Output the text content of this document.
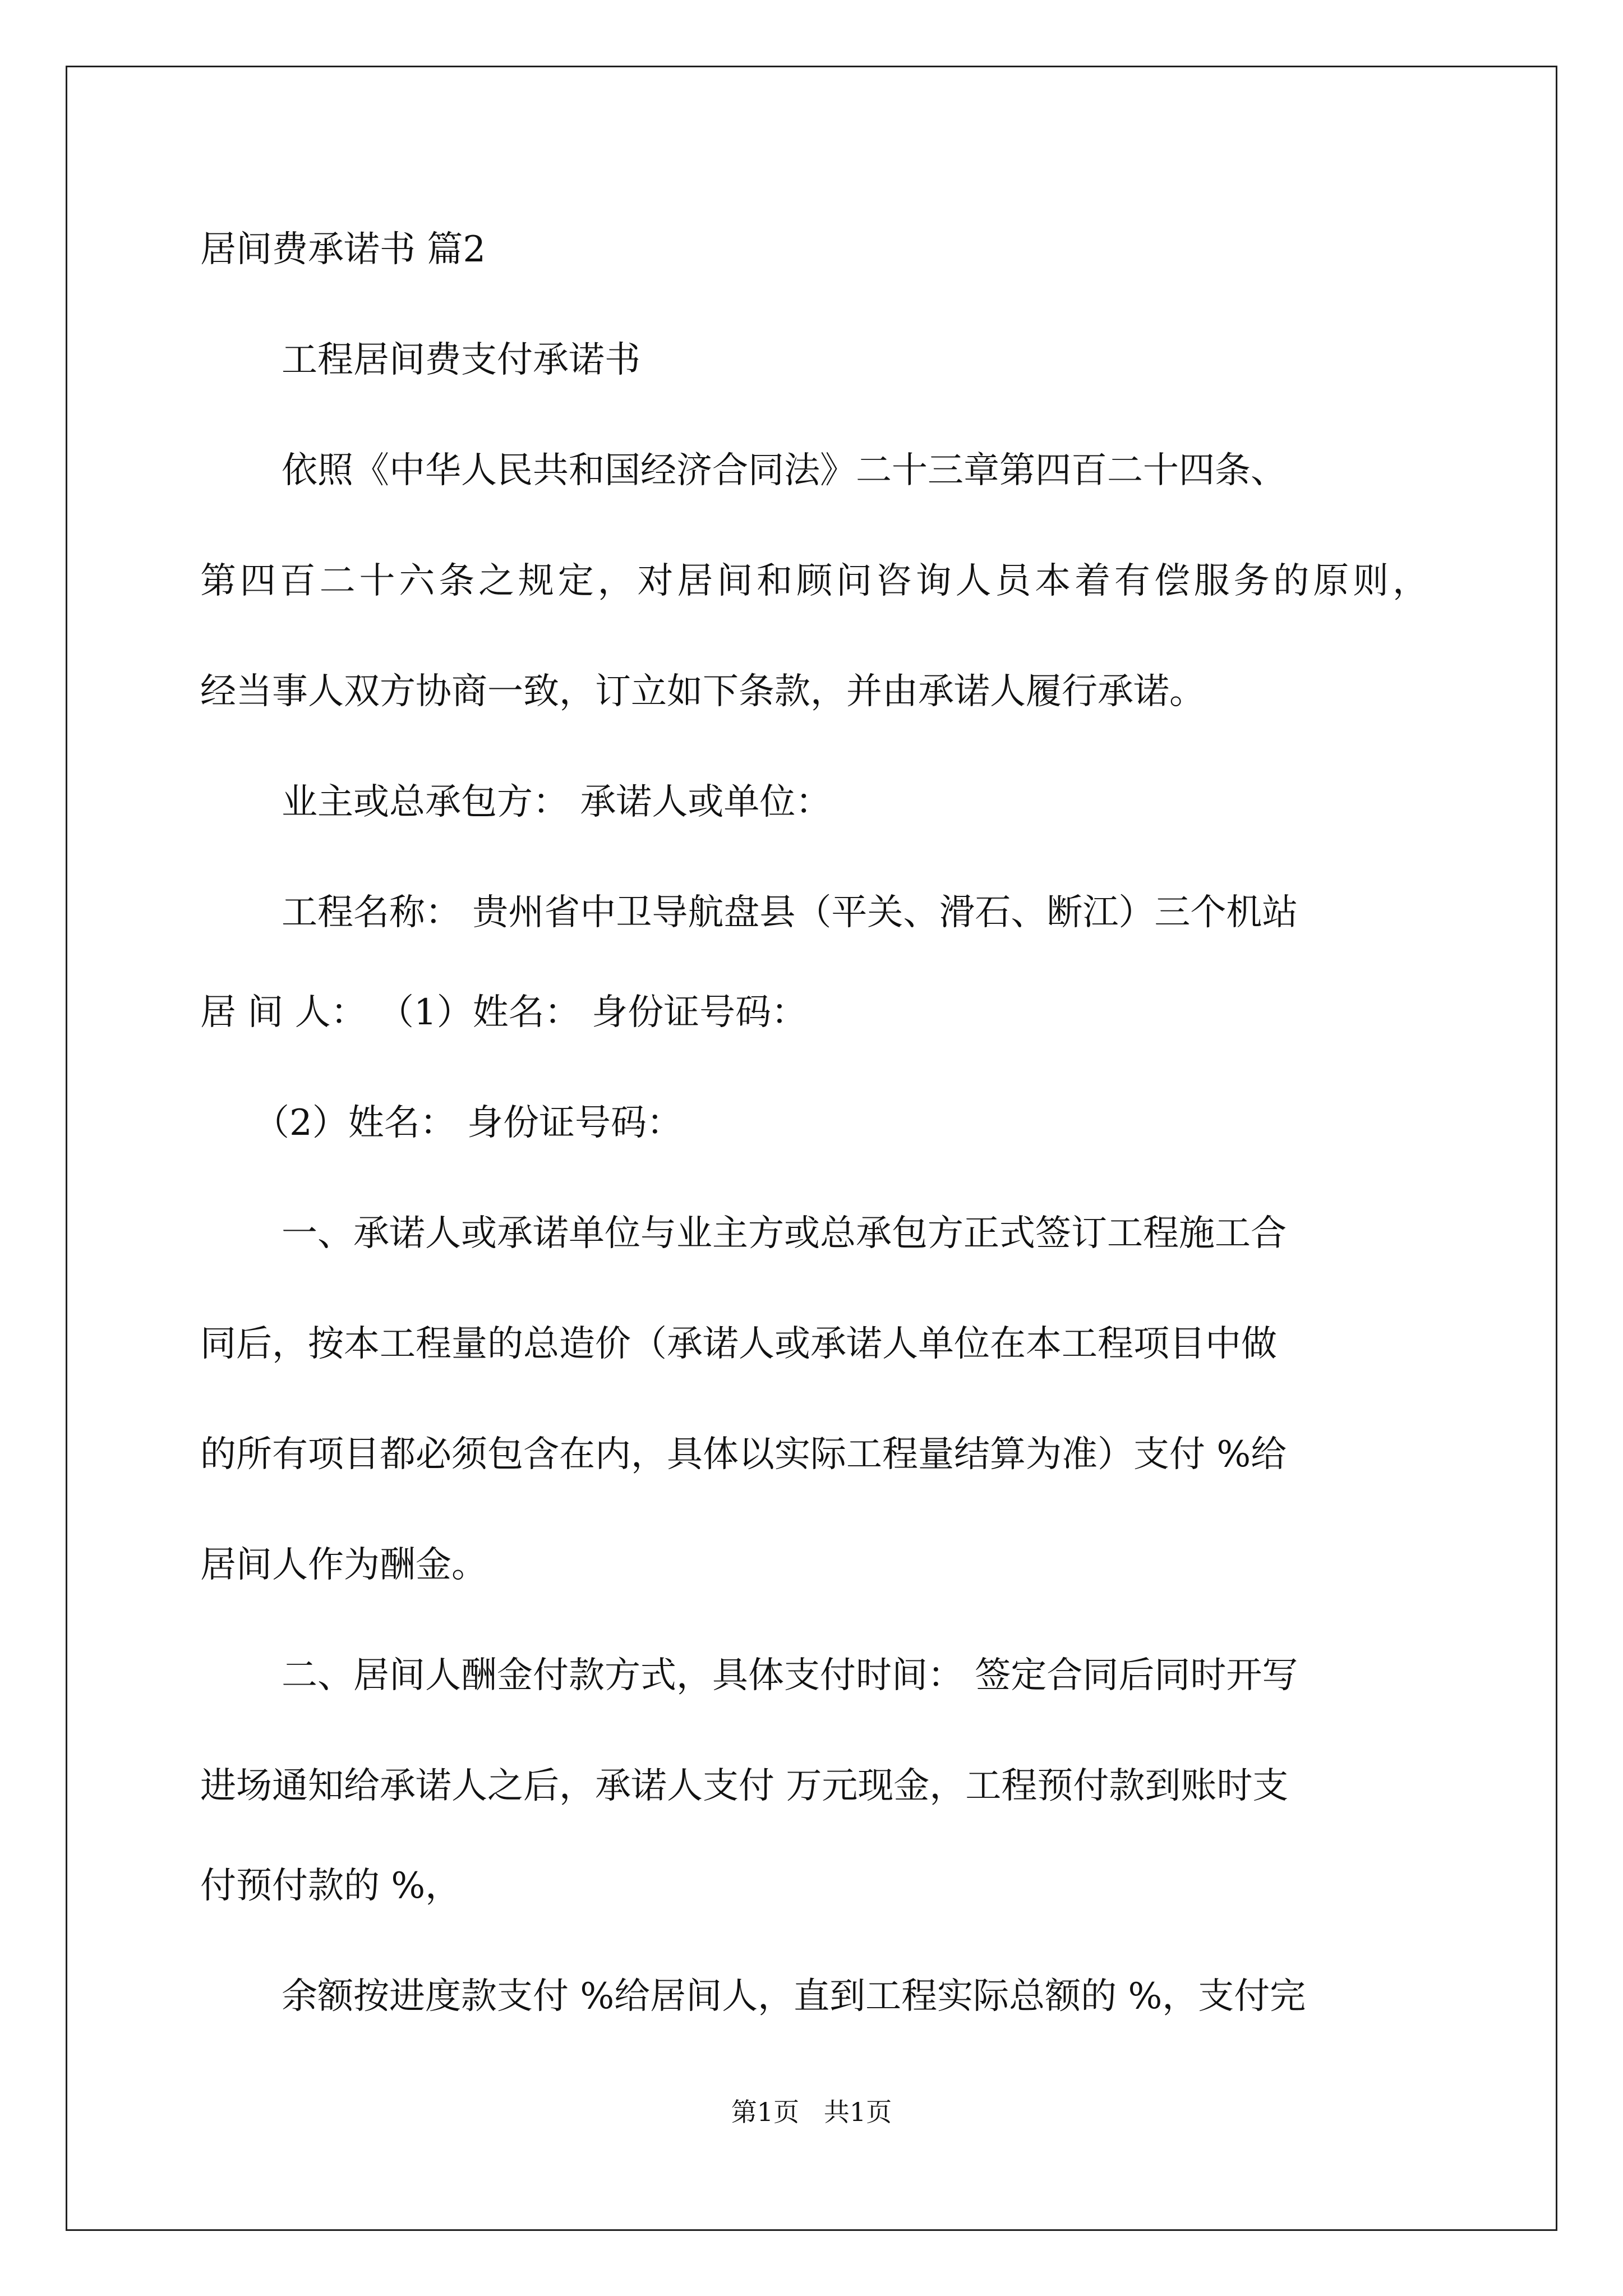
居间费承诺书 篇2
工程居间费支付承诺书
依照《中华人民共和国经济合同法》二十三章第四百二十四条、
第四百二十六条之规定，对居间和顾问咨询人员本着有偿服务的原则，
经当事人双方协商一致，订立如下条款，并由承诺人履行承诺。
业主或总承包方： 承诺人或单位：
工程名称： 贵州省中卫导航盘县（平关、滑石、断江）三个机站
居 间 人： （1）姓名： 身份证号码：
（2）姓名： 身份证号码：
一、承诺人或承诺单位与业主方或总承包方正式签订工程施工合
同后，按本工程量的总造价（承诺人或承诺人单位在本工程项目中做
的所有项目都必须包含在内，具体以实际工程量结算为准）支付 %给
居间人作为酬金。
二、居间人酬金付款方式，具体支付时间： 签定合同后同时开写
进场通知给承诺人之后，承诺人支付 万元现金，工程预付款到账时支
付预付款的 %，
余额按进度款支付 %给居间人，直到工程实际总额的 %，支付完
第1页   共1页
